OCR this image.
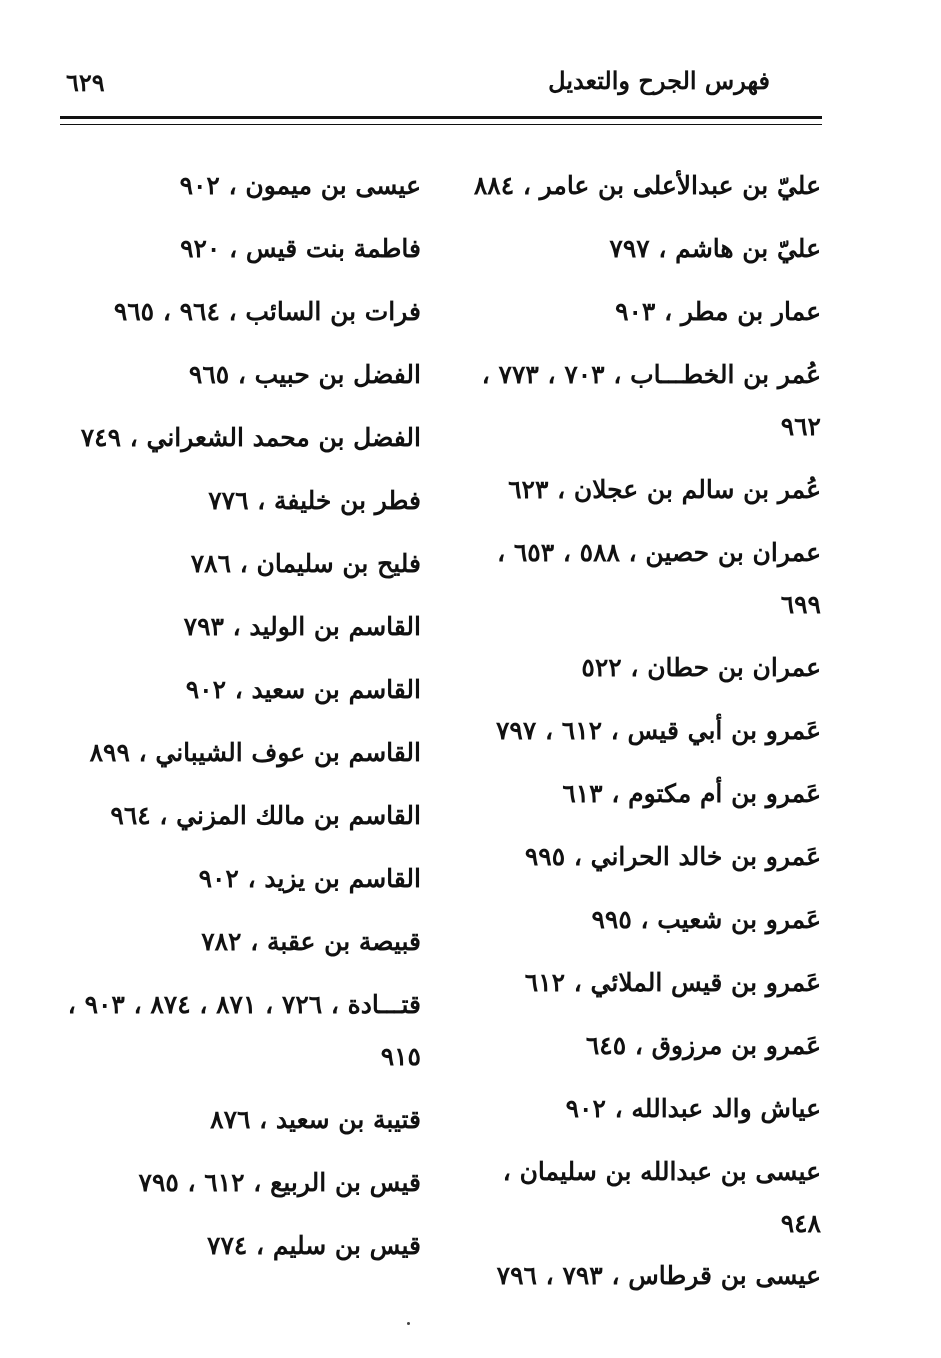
فهرس الجرح والتعديل
٦٢٩
عليّ بن عبدالأعلى بن عامر ، ٨٨٤
عليّ بن هاشم ، ٧٩٧
عمار بن مطر ، ٩٠٣
عُمر بن الخطـــاب ، ٧٠٣ ، ٧٧٣ ، ٩٦٢
عُمر بن سالم بن عجلان ، ٦٢٣
عمران بن حصين ، ٥٨٨ ، ٦٥٣ ، ٦٩٩
عمران بن حطان ، ٥٢٢
عَمرو بن أبي قيس ، ٦١٢ ، ٧٩٧
عَمرو بن أم مكتوم ، ٦١٣
عَمرو بن خالد الحراني ، ٩٩٥
عَمرو بن شعيب ، ٩٩٥
عَمرو بن قيس الملائي ، ٦١٢
عَمرو بن مرزوق ، ٦٤٥
عياش والد عبدالله ، ٩٠٢
عيسى بن عبدالله بن سليمان ، ٩٤٨
عيسى بن قرطاس ، ٧٩٣ ، ٧٩٦
عيسى بن ميمون ، ٩٠٢
فاطمة بنت قيس ، ٩٢٠
فرات بن السائب ، ٩٦٤ ، ٩٦٥
الفضل بن حبيب ، ٩٦٥
الفضل بن محمد الشعراني ، ٧٤٩
فطر بن خليفة ، ٧٧٦
فليح بن سليمان ، ٧٨٦
القاسم بن الوليد ، ٧٩٣
القاسم بن سعيد ، ٩٠٢
القاسم بن عوف الشيباني ، ٨٩٩
القاسم بن مالك المزني ، ٩٦٤
القاسم بن يزيد ، ٩٠٢
قبيصة بن عقبة ، ٧٨٢
قتـــادة ، ٧٢٦ ، ٨٧١ ، ٨٧٤ ، ٩٠٣ ، ٩١٥
قتيبة بن سعيد ، ٨٧٦
قيس بن الربيع ، ٦١٢ ، ٧٩٥
قيس بن سليم ، ٧٧٤
